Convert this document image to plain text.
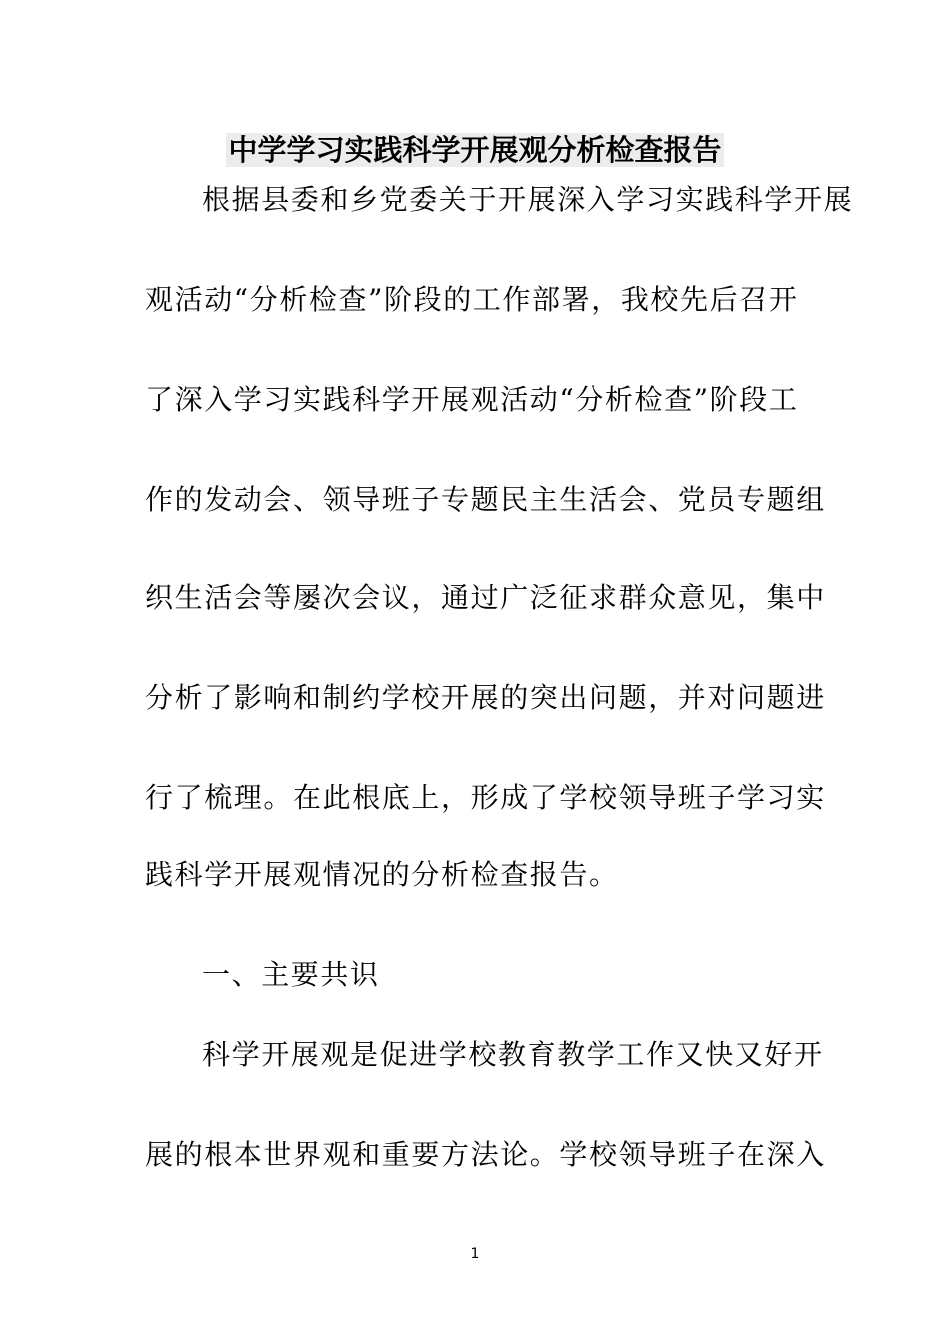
中学学习实践科学开展观分析检查报告
根据县委和乡党委关于开展深入学习实践科学开展
观活动“分析检查”阶段的工作部署，我校先后召开
了深入学习实践科学开展观活动“分析检查”阶段工
作的发动会、领导班子专题民主生活会、党员专题组
织生活会等屡次会议，通过广泛征求群众意见，集中
分析了影响和制约学校开展的突出问题，并对问题进
行了梳理。在此根底上，形成了学校领导班子学习实
践科学开展观情况的分析检查报告。
一、主要共识
科学开展观是促进学校教育教学工作又快又好开
展的根本世界观和重要方法论。学校领导班子在深入
1
